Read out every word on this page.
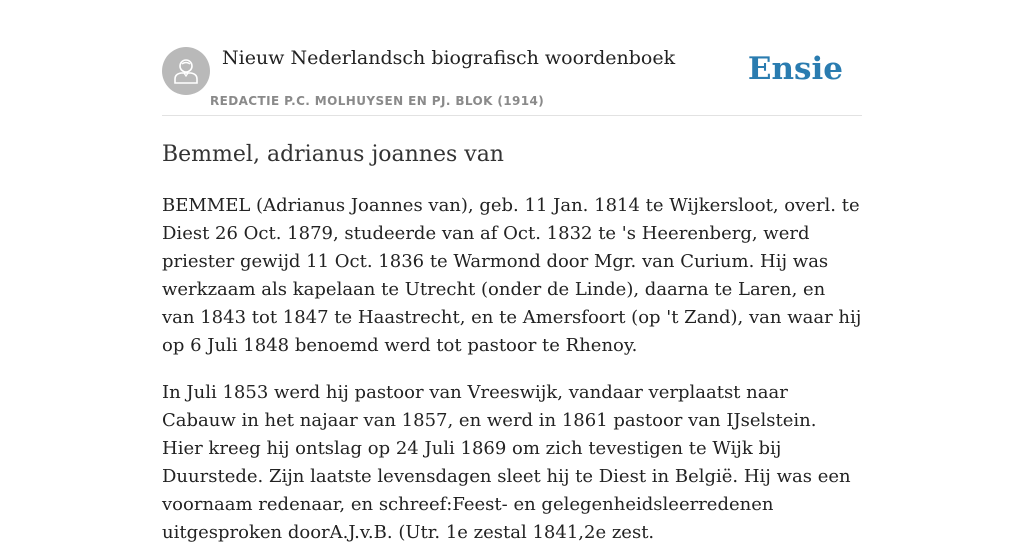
Nieuw Nederlandsch biografisch woordenboek
REDACTIE P.C. MOLHUYSEN EN PJ. BLOK (1914)
Ensie
Bemmel, adrianus joannes van

BEMMEL (Adrianus Joannes van), geb. 11 Jan. 1814 te Wijkersloot, overl. te Diest 26 Oct. 1879, studeerde van af Oct. 1832 te 's Heerenberg, werd priester gewijd 11 Oct. 1836 te Warmond door Mgr. van Curium. Hij was werkzaam als kapelaan te Utrecht (onder de Linde), daarna te Laren, en van 1843 tot 1847 te Haastrecht, en te Amersfoort (op 't Zand), van waar hij op 6 Juli 1848 benoemd werd tot pastoor te Rhenoy.

In Juli 1853 werd hij pastoor van Vreeswijk, vandaar verplaatst naar Cabauw in het najaar van 1857, en werd in 1861 pastoor van IJselstein. Hier kreeg hij ontslag op 24 Juli 1869 om zich tevestigen te Wijk bij Duurstede. Zijn laatste levensdagen sleet hij te Diest in België. Hij was een voornaam redenaar, en schreef:Feest- en gelegenheidsleerredenen uitgesproken doorA.J.v.B. (Utr. 1e zestal 1841,2e zest.
